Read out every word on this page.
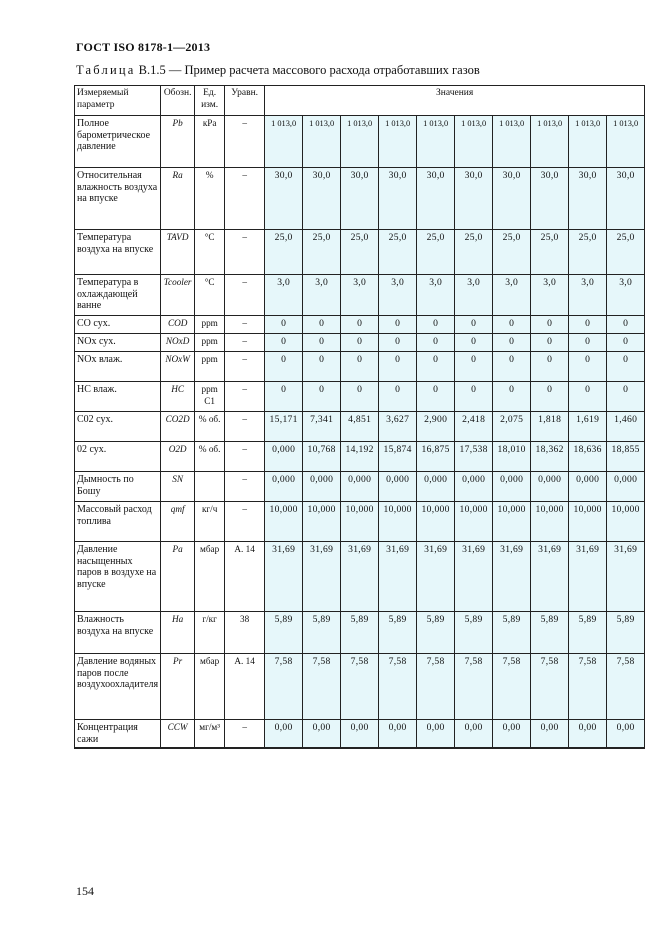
ГОСТ ISO 8178-1—2013
Таблица В.1.5 — Пример расчета массового расхода отработавших газов
Измеряемый параметр	Обозн.	Ед. изм.	Уравн.	Значения									
Полное барометрическое давление	Pb	кРа	–	1 013,0	1 013,0	1 013,0	1 013,0	1 013,0	1 013,0	1 013,0	1 013,0	1 013,0	1 013,0
Относительная влажность воздуха на впуске	Ra	%	–	30,0	30,0	30,0	30,0	30,0	30,0	30,0	30,0	30,0	30,0
Температура воздуха на впуске	TAVD	°C	–	25,0	25,0	25,0	25,0	25,0	25,0	25,0	25,0	25,0	25,0
Температура в охлаждающей ванне	Tcooler	°C	–	3,0	3,0	3,0	3,0	3,0	3,0	3,0	3,0	3,0	3,0
СО сух.	COD	ppm	–	0	0	0	0	0	0	0	0	0	0
NOx сух.	NOxD	ppm	–	0	0	0	0	0	0	0	0	0	0
NOx влаж.	NOxW	ppm	–	0	0	0	0	0	0	0	0	0	0
НС влаж.	НС	ppm C1	–	0	0	0	0	0	0	0	0	0	0
С02 сух.	CO2D	% об.	–	15,171	7,341	4,851	3,627	2,900	2,418	2,075	1,818	1,619	1,460
02 сух.	O2D	% об.	–	0,000	10,768	14,192	15,874	16,875	17,538	18,010	18,362	18,636	18,855
Дымность по Бошу	SN		–	0,000	0,000	0,000	0,000	0,000	0,000	0,000	0,000	0,000	0,000
Массовый расход топлива	qmf	кг/ч	–	10,000	10,000	10,000	10,000	10,000	10,000	10,000	10,000	10,000	10,000
Давление насыщенных паров в воздухе на впуске	Pa	мбар	А. 14	31,69	31,69	31,69	31,69	31,69	31,69	31,69	31,69	31,69	31,69
Влажность воздуха на впуске	Ha	г/кг	38	5,89	5,89	5,89	5,89	5,89	5,89	5,89	5,89	5,89	5,89
Давление водяных паров после воздухоохладителя	Pr	мбар	А. 14	7,58	7,58	7,58	7,58	7,58	7,58	7,58	7,58	7,58	7,58
Концентрация сажи	CCW	мг/м³	–	0,00	0,00	0,00	0,00	0,00	0,00	0,00	0,00	0,00	0,00
154
